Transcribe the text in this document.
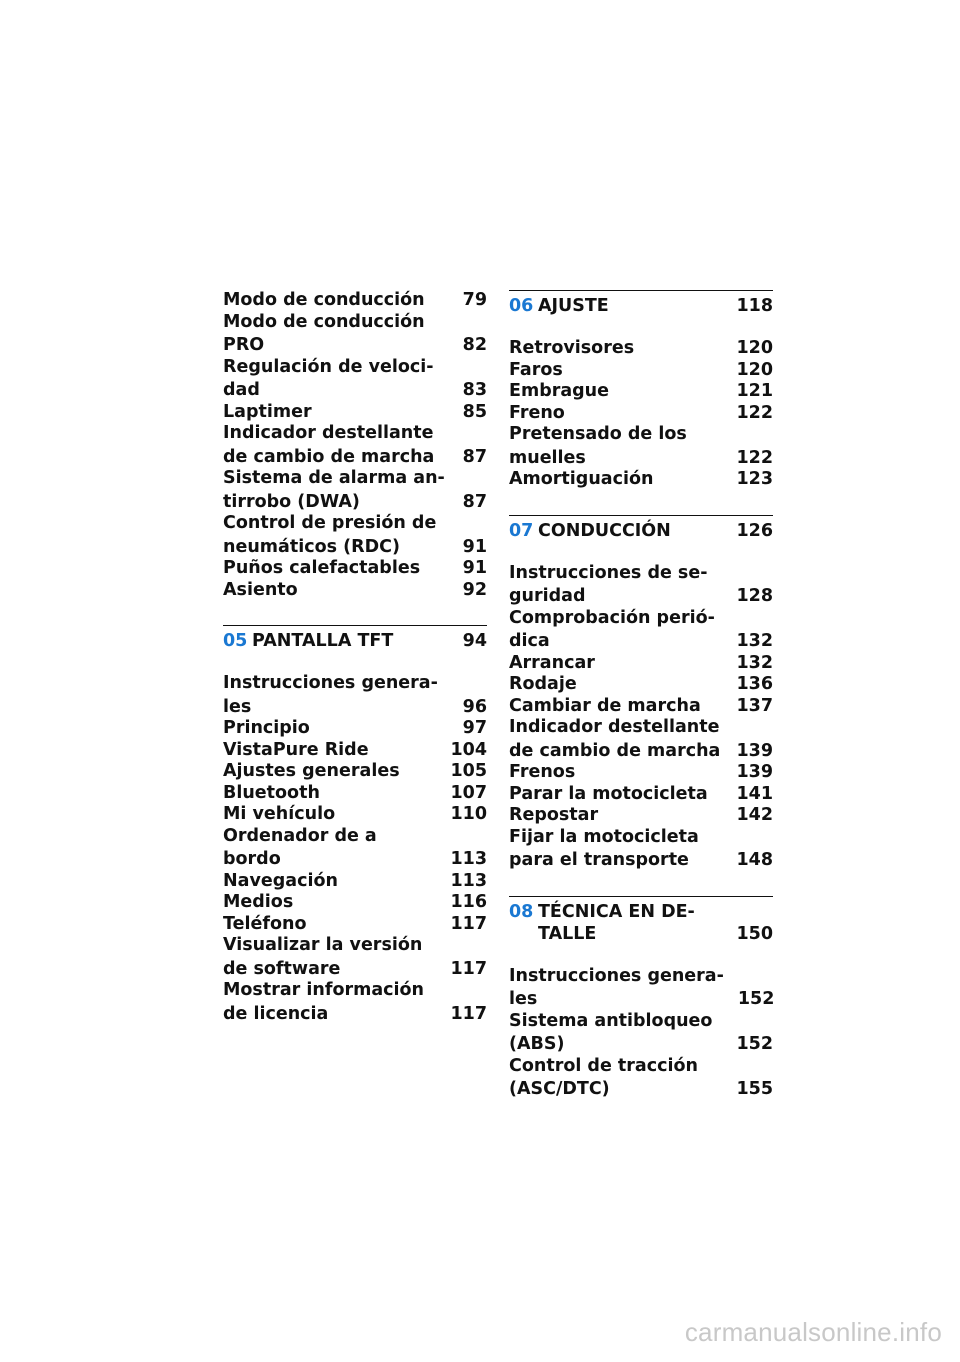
Modo de conducción	79
Modo de conducción
PRO	82
Regulación de veloci-
dad	83
Laptimer	85
Indicador destellante
de cambio de marcha	87
Sistema de alarma an-
tirrobo (DWA)	87
Control de presión de
neumáticos (RDC)	91
Puños calefactables	91
Asiento	92
05 PANTALLA TFT	94
Instrucciones genera-
les	96
Principio	97
VistaPure Ride	104
Ajustes generales	105
Bluetooth	107
Mi vehículo	110
Ordenador de a
bordo	113
Navegación	113
Medios	116
Teléfono	117
Visualizar la versión
de software	117
Mostrar información
de licencia	117
06 AJUSTE	118
Retrovisores	120
Faros	120
Embrague	121
Freno	122
Pretensado de los
muelles	122
Amortiguación	123
07 CONDUCCIÓN	126
Instrucciones de se-
guridad	128
Comprobación perió-
dica	132
Arrancar	132
Rodaje	136
Cambiar de marcha	137
Indicador destellante
de cambio de marcha 139
Frenos	139
Parar la motocicleta	141
Repostar	142
Fijar la motocicleta
para el transporte	148
08 TÉCNICA EN DE-
TALLE	150
Instrucciones genera-
les	152
Sistema antibloqueo
(ABS)	152
Control de tracción
(ASC/DTC)	155
carmanualsonline.info
